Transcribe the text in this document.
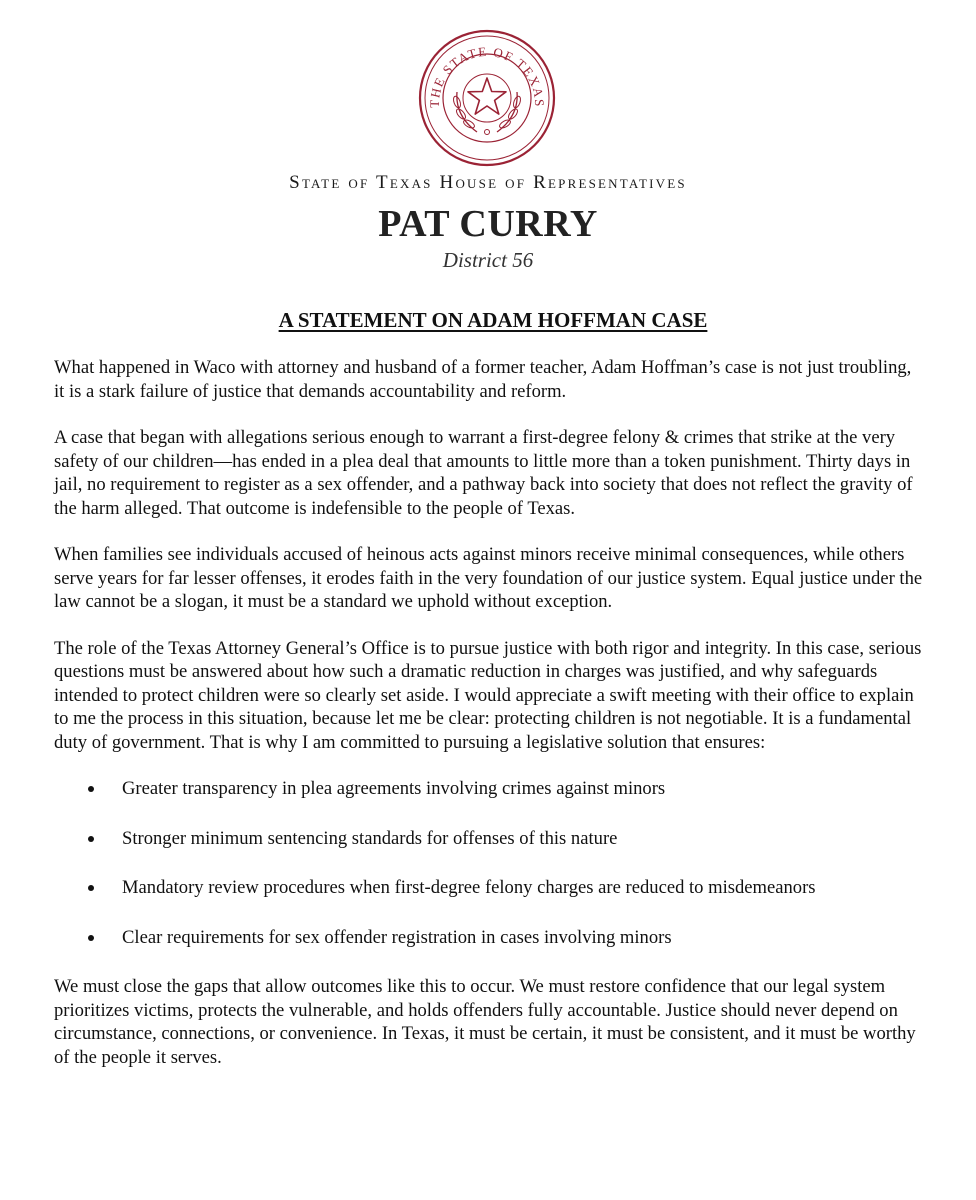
THE STATE OF TEXAS
State of Texas House of Representatives
PAT CURRY
District 56
A STATEMENT ON ADAM HOFFMAN CASE

What happened in Waco with attorney and husband of a former teacher, Adam Hoffman’s case is not just troubling, it is a stark failure of justice that demands accountability and reform.

A case that began with allegations serious enough to warrant a first-degree felony & crimes that strike at the very safety of our children—has ended in a plea deal that amounts to little more than a token punishment. Thirty days in jail, no requirement to register as a sex offender, and a pathway back into society that does not reflect the gravity of the harm alleged. That outcome is indefensible to the people of Texas.

When families see individuals accused of heinous acts against minors receive minimal consequences, while others serve years for far lesser offenses, it erodes faith in the very foundation of our justice system. Equal justice under the law cannot be a slogan, it must be a standard we uphold without exception.

The role of the Texas Attorney General’s Office is to pursue justice with both rigor and integrity. In this case, serious questions must be answered about how such a dramatic reduction in charges was justified, and why safeguards intended to protect children were so clearly set aside. I would appreciate a swift meeting with their office to explain to me the process in this situation, because let me be clear: protecting children is not negotiable. It is a fundamental duty of government. That is why I am committed to pursuing a legislative solution that ensures:

Greater transparency in plea agreements involving crimes against minors
Stronger minimum sentencing standards for offenses of this nature
Mandatory review procedures when first-degree felony charges are reduced to misdemeanors
Clear requirements for sex offender registration in cases involving minors

We must close the gaps that allow outcomes like this to occur. We must restore confidence that our legal system prioritizes victims, protects the vulnerable, and holds offenders fully accountable. Justice should never depend on circumstance, connections, or convenience. In Texas, it must be certain, it must be consistent, and it must be worthy of the people it serves.
